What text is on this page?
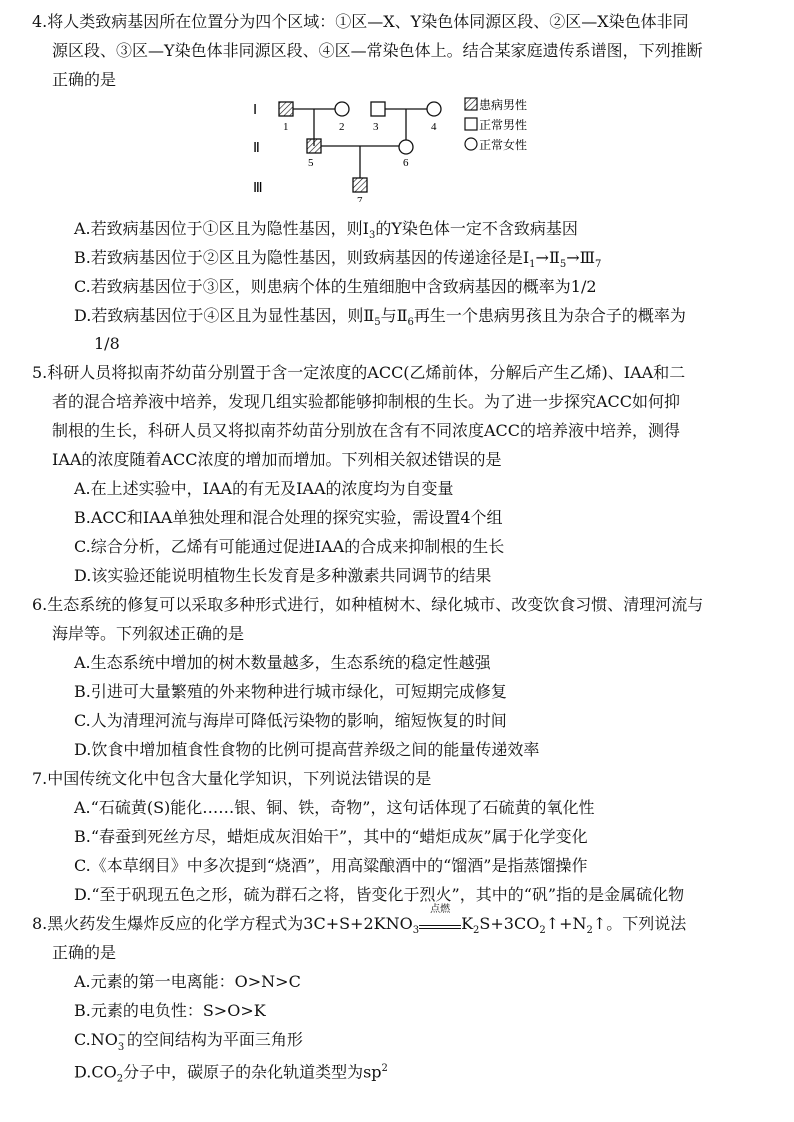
4.将人类致病基因所在位置分为四个区域：①区—X、Y染色体同源区段、②区—X染色体非同
源区段、③区—Y染色体非同源区段、④区—常染色体上。结合某家庭遗传系谱图，下列推断
正确的是
Ⅰ
Ⅱ
Ⅲ
1	2	3	4
5	6
7
患病男性
正常男性
正常女性
A.若致病基因位于①区且为隐性基因，则$Ⅰ_3$的Y染色体一定不含致病基因
B.若致病基因位于②区且为隐性基因，则致病基因的传递途径是$Ⅰ_1\to Ⅱ_5\to Ⅲ_7$
C.若致病基因位于③区，则患病个体的生殖细胞中含致病基因的概率为1/2
D.若致病基因位于④区且为显性基因，则$Ⅱ_5$与$Ⅱ_6$再生一个患病男孩且为杂合子的概率为
1/8
5.科研人员将拟南芥幼苗分别置于含一定浓度的ACC(乙烯前体，分解后产生乙烯)、IAA和二
者的混合培养液中培养，发现几组实验都能够抑制根的生长。为了进一步探究ACC如何抑
制根的生长，科研人员又将拟南芥幼苗分别放在含有不同浓度ACC的培养液中培养，测得
IAA的浓度随着ACC浓度的增加而增加。下列相关叙述错误的是
A.在上述实验中，IAA的有无及IAA的浓度均为自变量
B.ACC和IAA单独处理和混合处理的探究实验，需设置4个组
C.综合分析，乙烯有可能通过促进IAA的合成来抑制根的生长
D.该实验还能说明植物生长发育是多种激素共同调节的结果
6.生态系统的修复可以采取多种形式进行，如种植树木、绿化城市、改变饮食习惯、清理河流与
海岸等。下列叙述正确的是
A.生态系统中增加的树木数量越多，生态系统的稳定性越强
B.引进可大量繁殖的外来物种进行城市绿化，可短期完成修复
C.人为清理河流与海岸可降低污染物的影响，缩短恢复的时间
D.饮食中增加植食性食物的比例可提高营养级之间的能量传递效率
7.中国传统文化中包含大量化学知识，下列说法错误的是
A.“石硫黄(S)能化……银、铜、铁，奇物”，这句话体现了石硫黄的氧化性
B.“春蚕到死丝方尽，蜡炬成灰泪始干”，其中的“蜡炬成灰”属于化学变化
C.《本草纲目》中多次提到“烧酒”，用高粱酿酒中的“馏酒”是指蒸馏操作
D.“至于矾现五色之形，硫为群石之将，皆变化于烈火”，其中的“矾”指的是金属硫化物
8.黑火药发生爆炸反应的化学方程式为$3C+S+2KNO_3$
点燃
$K_2S+3CO_2↑+N_2↑$。下列说法
正确的是
A.元素的第一电离能：O>N>C
B.元素的电负性：S>O>K
C.NO −
3 的空间结构为平面三角形
$D.CO_2$分子中，碳原子的杂化轨道类型为$sp^2$
